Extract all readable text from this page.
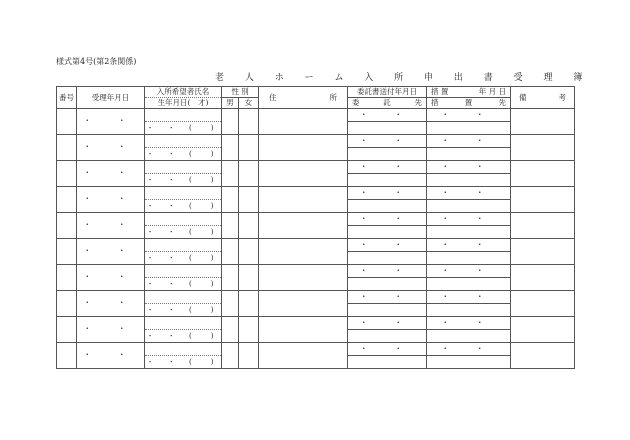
様式第4号(第2条関係)
老 人 ホ ー ム 入 所 申 出 書 受 理 簿
番号	受理年月日	入所希望者氏名	性 別		住 所	委託書送付年月日	措 置 年 月 日	備 考

		生年月日(　才)	男	女		委 託 先	措 置 先	

	・ ・					・ ・	・ ・	
		・ ・ (　)						
	・ ・					・ ・	・ ・	
		・ ・ (　)						
	・ ・					・ ・	・ ・	
		・ ・ (　)						
	・ ・					・ ・	・ ・	
		・ ・ (　)						
	・ ・					・ ・	・ ・	
		・ ・ (　)						
	・ ・					・ ・	・ ・	
		・ ・ (　)						
	・ ・					・ ・	・ ・	
		・ ・ (　)						
	・ ・					・ ・	・ ・	
		・ ・ (　)						
	・ ・					・ ・	・ ・	
		・ ・ (　)						
	・ ・					・ ・	・ ・	
		・ ・ (　)						
